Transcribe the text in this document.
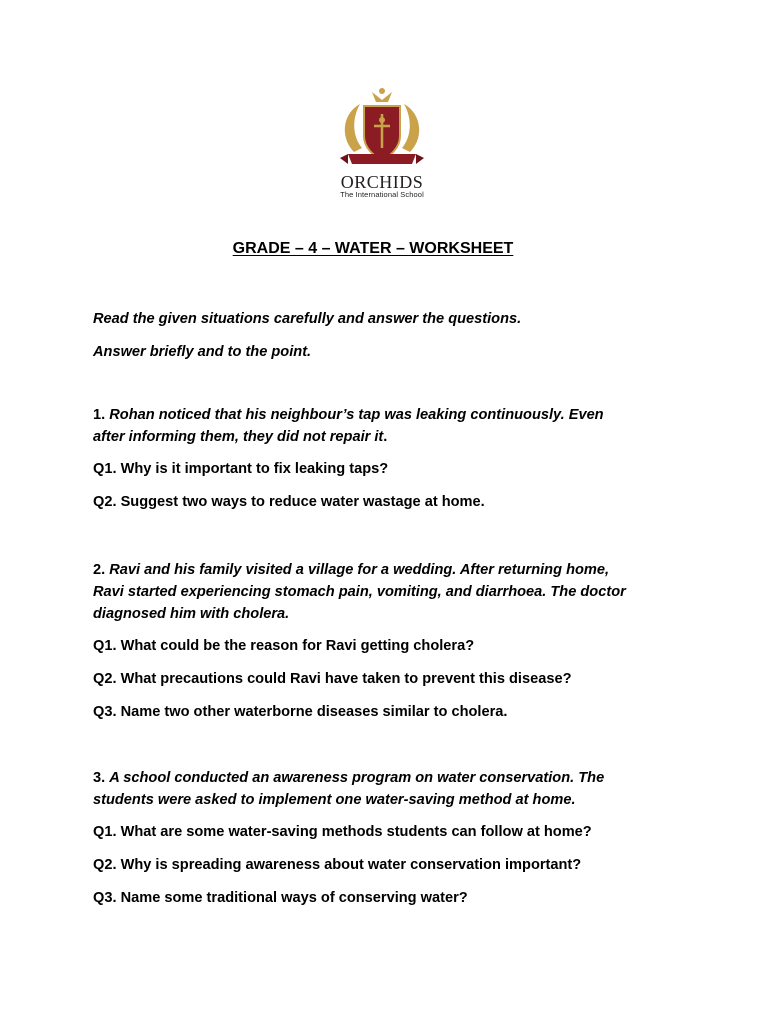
ORCHIDS
The International School
GRADE – 4 – WATER – WORKSHEET
Read the given situations carefully and answer the questions.
Answer briefly and to the point.
1. Rohan noticed that his neighbour’s tap was leaking continuously. Even
after informing them, they did not repair it.
Q1. Why is it important to fix leaking taps?
Q2. Suggest two ways to reduce water wastage at home.
2. Ravi and his family visited a village for a wedding. After returning home,
Ravi started experiencing stomach pain, vomiting, and diarrhoea. The doctor
diagnosed him with cholera.
Q1. What could be the reason for Ravi getting cholera?
Q2. What precautions could Ravi have taken to prevent this disease?
Q3. Name two other waterborne diseases similar to cholera.
3. A school conducted an awareness program on water conservation. The
students were asked to implement one water-saving method at home.
Q1. What are some water-saving methods students can follow at home?
Q2. Why is spreading awareness about water conservation important?
Q3. Name some traditional ways of conserving water?
